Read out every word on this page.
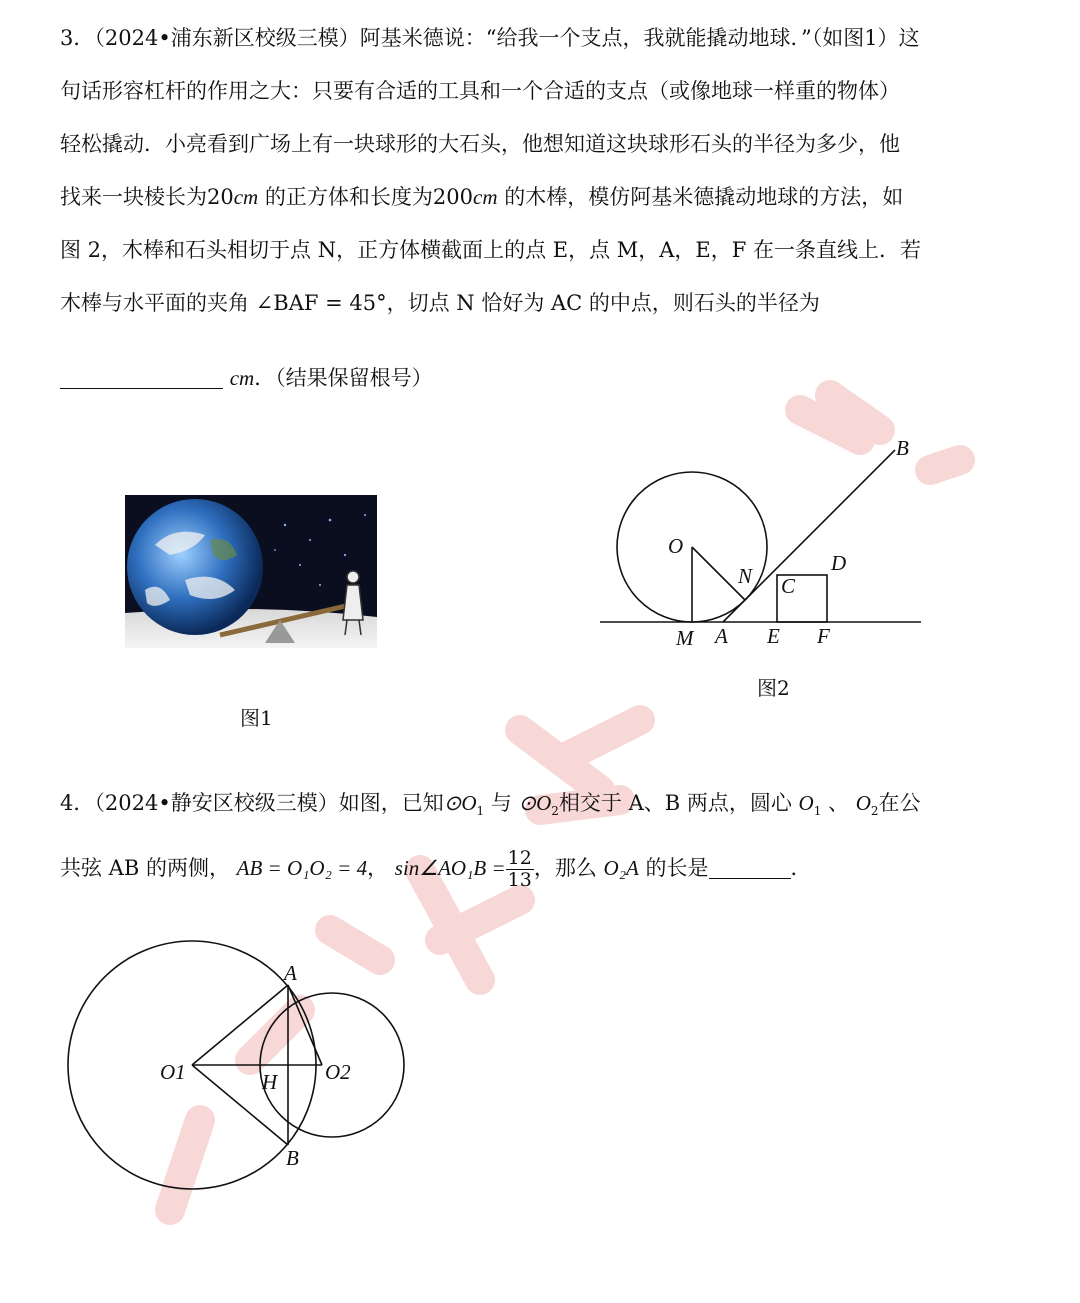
3．（2024•浦东新区校级三模）阿基米德说：“给我一个支点，我就能撬动地球．”（如图1）这
句话形容杠杆的作用之大：只要有合适的工具和一个合适的支点（或像地球一样重的物体）
轻松撬动．小亮看到广场上有一块球形的大石头，他想知道这块球形石头的半径为多少，他
找来一块棱长为20cm 的正方体和长度为200cm 的木棒，模仿阿基米德撬动地球的方法，如
图 2，木棒和石头相切于点 N，正方体横截面上的点 E，点 M，A，E，F 在一条直线上．若
木棒与水平面的夹角 ∠BAF = 45°，切点 N 恰好为 AC 的中点，则石头的半径为
cm．（结果保留根号）
图1
B
O
N
D
C
M A E F
图2
4．（2024•静安区校级三模）如图，已知$⊙O_1$ 与 $⊙O_2$相交于 A、B 两点，圆心 $O_1$ 、 $O_2$在公
共弦 AB 的两侧， AB = O₁O₂ = 4， sin∠AO₁B = $\frac{12}{13}$ ，那么 O₂A 的长是	．
A
O1	H O2
B
